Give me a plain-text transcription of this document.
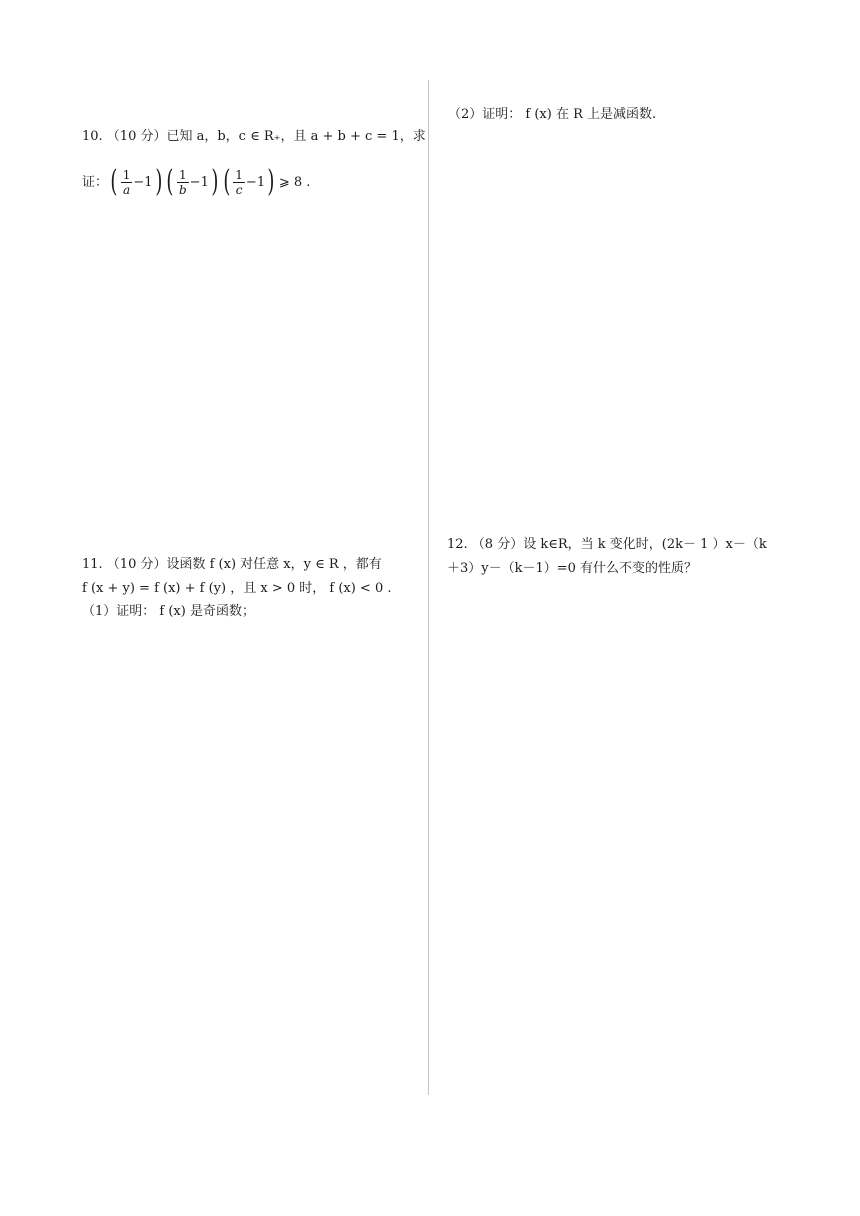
10. （10 分）已知 a，b，c ∈ R₊，且 a + b + c = 1，求
证： ( $\frac{1}{a} -1$) ( $\frac{1}{b} -1$) ( $\frac{1}{c} -1$) ⩾ 8 .
11. （10 分）设函数 f (x) 对任意 x，y ∈ R ，都有
f (x + y) = f (x) + f (y) ，且 x > 0 时， f (x) < 0 .
（1）证明： f (x) 是奇函数；
（2）证明： f (x) 在 R 上是减函数.
12. （8 分）设 k∈R，当 k 变化时，(2k－ 1 ）x－（k
＋3）y－（k－1）=0 有什么不变的性质？
